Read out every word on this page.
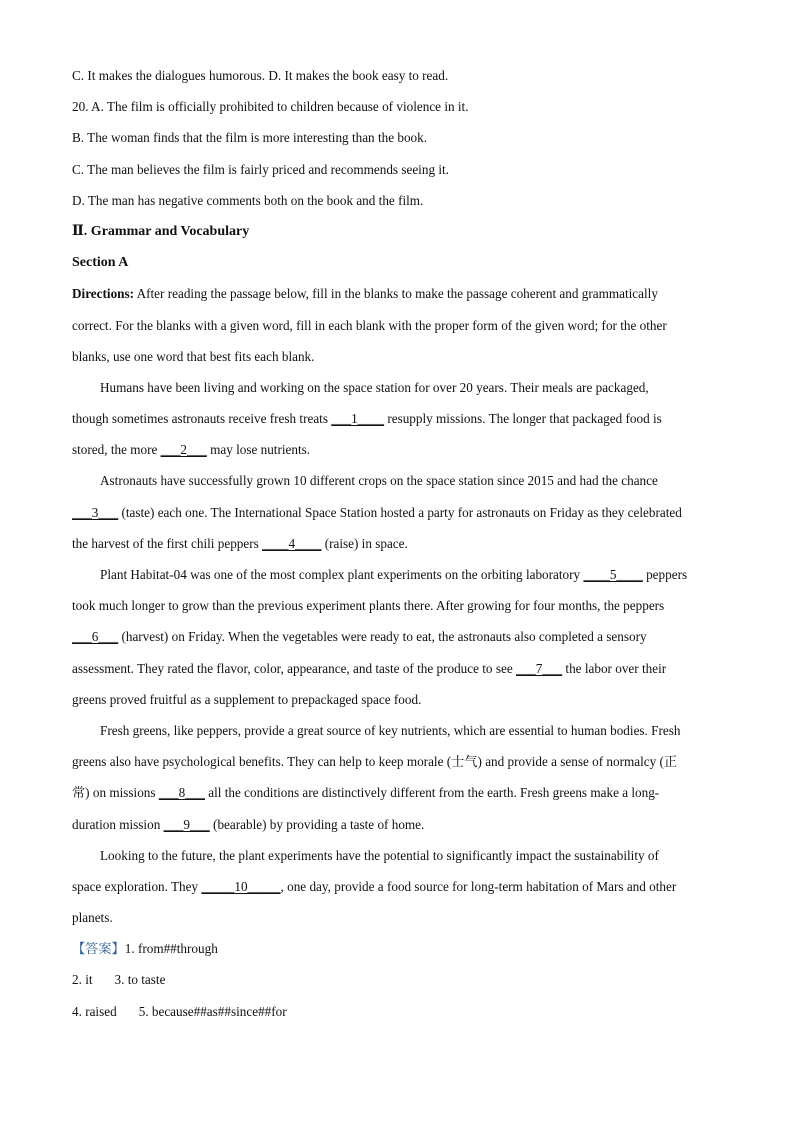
C. It makes the dialogues humorous. D. It makes the book easy to read.
20. A. The film is officially prohibited to children because of violence in it.
B. The woman finds that the film is more interesting than the book.
C. The man believes the film is fairly priced and recommends seeing it.
D. The man has negative comments both on the book and the film.
Ⅱ. Grammar and Vocabulary
Section A
Directions: After reading the passage below, fill in the blanks to make the passage coherent and grammatically
correct. For the blanks with a given word, fill in each blank with the proper form of the given word; for the other
blanks, use one word that best fits each blank.
Humans have been living and working on the space station for over 20 years. Their meals are packaged,
though sometimes astronauts receive fresh treats ___1____ resupply missions. The longer that packaged food is
stored, the more ___2___ may lose nutrients.
Astronauts have successfully grown 10 different crops on the space station since 2015 and had the chance
___3___ (taste) each one. The International Space Station hosted a party for astronauts on Friday as they celebrated
the harvest of the first chili peppers ____4____ (raise) in space.
Plant Habitat-04 was one of the most complex plant experiments on the orbiting laboratory ____5____ peppers
took much longer to grow than the previous experiment plants there. After growing for four months, the peppers
___6___ (harvest) on Friday. When the vegetables were ready to eat, the astronauts also completed a sensory
assessment. They rated the flavor, color, appearance, and taste of the produce to see ___7___ the labor over their
greens proved fruitful as a supplement to prepackaged space food.
Fresh greens, like peppers, provide a great source of key nutrients, which are essential to human bodies. Fresh
greens also have psychological benefits. They can help to keep morale (士气) and provide a sense of normalcy (正
常) on missions ___8___ all the conditions are distinctively different from the earth. Fresh greens make a long-
duration mission ___9___ (bearable) by providing a taste of home.
Looking to the future, the plant experiments have the potential to significantly impact the sustainability of
space exploration. They _____10_____, one day, provide a food source for long-term habitation of Mars and other
planets.
【答案】1. from##through
2. it 3. to taste
4. raised 5. because##as##since##for
